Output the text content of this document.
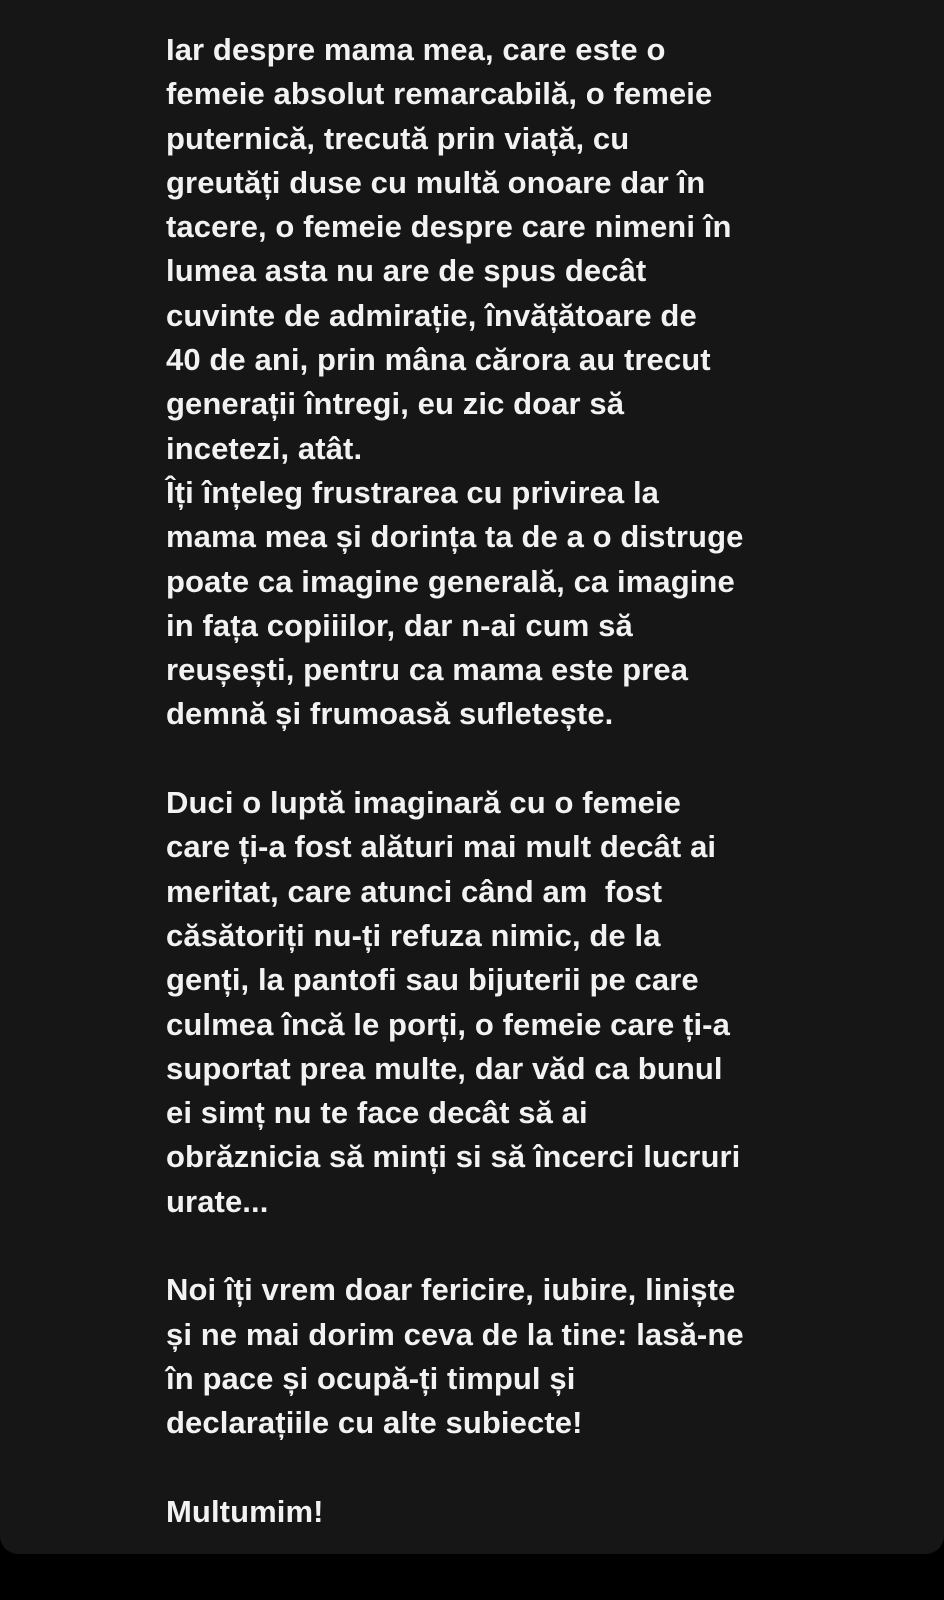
Iar despre mama mea, care este o
femeie absolut remarcabilă, o femeie
puternică, trecută prin viață, cu
greutăți duse cu multă onoare dar în
tacere, o femeie despre care nimeni în
lumea asta nu are de spus decât
cuvinte de admirație, învățătoare de
40 de ani, prin mâna cărora au trecut
generații întregi, eu zic doar să
incetezi, atât.
Îți înțeleg frustrarea cu privirea la
mama mea și dorința ta de a o distruge
poate ca imagine generală, ca imagine
in fața copiiilor, dar n-ai cum să
reușești, pentru ca mama este prea
demnă și frumoasă sufletește.
Duci o luptă imaginară cu o femeie
care ți-a fost alături mai mult decât ai
meritat, care atunci când am  fost
căsătoriți nu-ți refuza nimic, de la
genți, la pantofi sau bijuterii pe care
culmea încă le porți, o femeie care ți-a
suportat prea multe, dar văd ca bunul
ei simț nu te face decât să ai
obrăznicia să minți si să încerci lucruri
urate...
Noi îți vrem doar fericire, iubire, liniște
și ne mai dorim ceva de la tine: lasă-ne
în pace și ocupă-ți timpul și
declarațiile cu alte subiecte!
Multumim!
